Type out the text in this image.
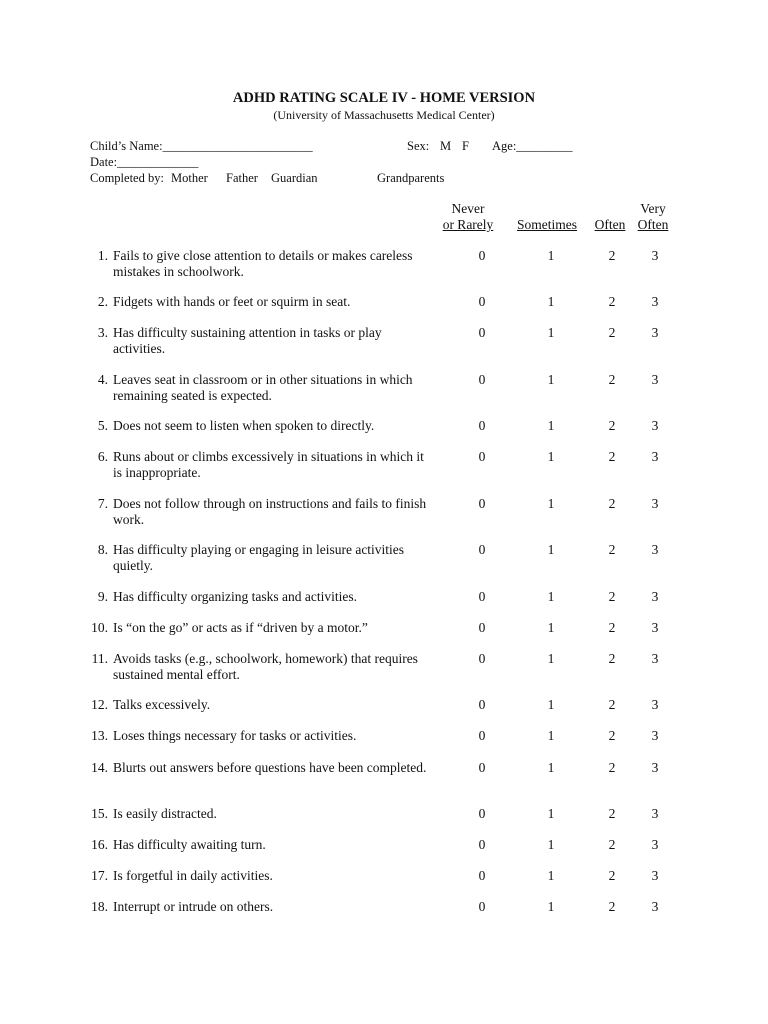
ADHD RATING SCALE IV - HOME VERSION
(University of Massachusetts Medical Center)
Child’s Name:________________________	Sex: M F Age:_________
Date:_____________
Completed by: Mother Father Guardian	Grandparents
Never
or Rarely	Sometimes	Often
Very
Often
1. Fails to give close attention to details or makes careless mistakes in schoolwork.
0	1	2	3
2. Fidgets with hands or feet or squirm in seat.	0	1	2	3
3. Has difficulty sustaining attention in tasks or play activities.
0	1	2	3
4. Leaves seat in classroom or in other situations in which remaining seated is expected.
0	1	2	3
5. Does not seem to listen when spoken to directly.	0	1	2	3
6. Runs about or climbs excessively in situations in which it is inappropriate.
0	1	2	3
7. Does not follow through on instructions and fails to finish work.
0	1	2	3
8. Has difficulty playing or engaging in leisure activities quietly.
0	1	2	3
9. Has difficulty organizing tasks and activities.	0	1	2	3
10. Is “on the go” or acts as if “driven by a motor.”	0	1	2	3
11. Avoids tasks (e.g., schoolwork, homework) that requires sustained mental effort.
0	1	2	3
12. Talks excessively.	0	1	2	3
13. Loses things necessary for tasks or activities.	0	1	2	3
14. Blurts out answers before questions have been completed.	0	1	2	3
15. Is easily distracted.	0	1	2	3
16. Has difficulty awaiting turn.	0	1	2	3
17. Is forgetful in daily activities.	0	1	2	3
18. Interrupt or intrude on others.	0	1	2	3
